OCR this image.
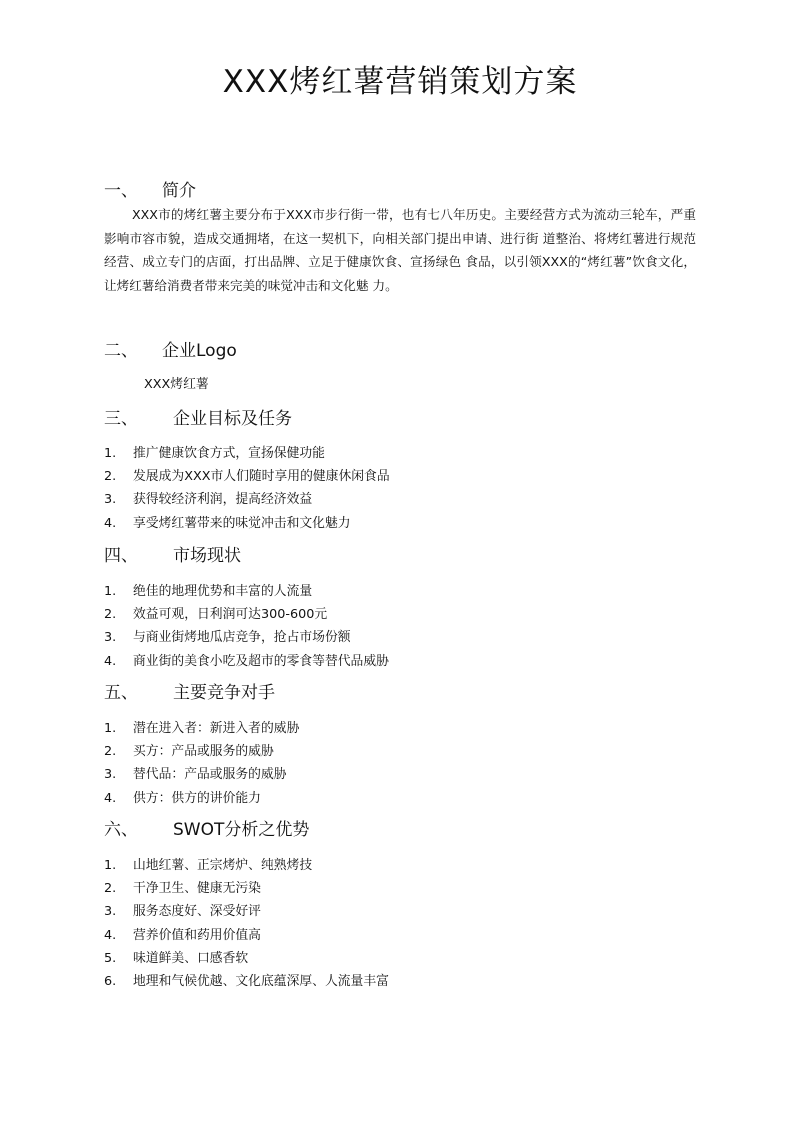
XXX烤红薯营销策划方案
一、 简介

XXX市的烤红薯主要分布于XXX市步行街一带，也有七八年历史。主要经营方式为流动三轮车，严重影响市容市貌，造成交通拥堵，在这一契机下，向相关部门提出申请、进行街 道整治、将烤红薯进行规范经营、成立专门的店面，打出品牌、立足于健康饮食、宣扬绿色 食品，以引领XXX的“烤红薯”饮食文化，让烤红薯给消费者带来完美的味觉冲击和文化魅 力。

二、 企业Logo
XXX烤红薯
三、 企业目标及任务
1. 推广健康饮食方式，宣扬保健功能
2. 发展成为XXX市人们随时享用的健康休闲食品
3. 获得较经济利润，提高经济效益
4. 享受烤红薯带来的味觉冲击和文化魅力
四、 市场现状
1. 绝佳的地理优势和丰富的人流量
2. 效益可观，日利润可达300-600元
3. 与商业街烤地瓜店竞争，抢占市场份额
4. 商业街的美食小吃及超市的零食等替代品威胁
五、 主要竞争对手
1. 潜在进入者：新进入者的威胁
2. 买方：产品或服务的威胁
3. 替代品：产品或服务的威胁
4. 供方：供方的讲价能力
六、 SWOT分析之优势
1. 山地红薯、正宗烤炉、纯熟烤技
2. 干净卫生、健康无污染
3. 服务态度好、深受好评
4. 营养价值和药用价值高
5. 味道鲜美、口感香软
6. 地理和气候优越、文化底蕴深厚、人流量丰富
